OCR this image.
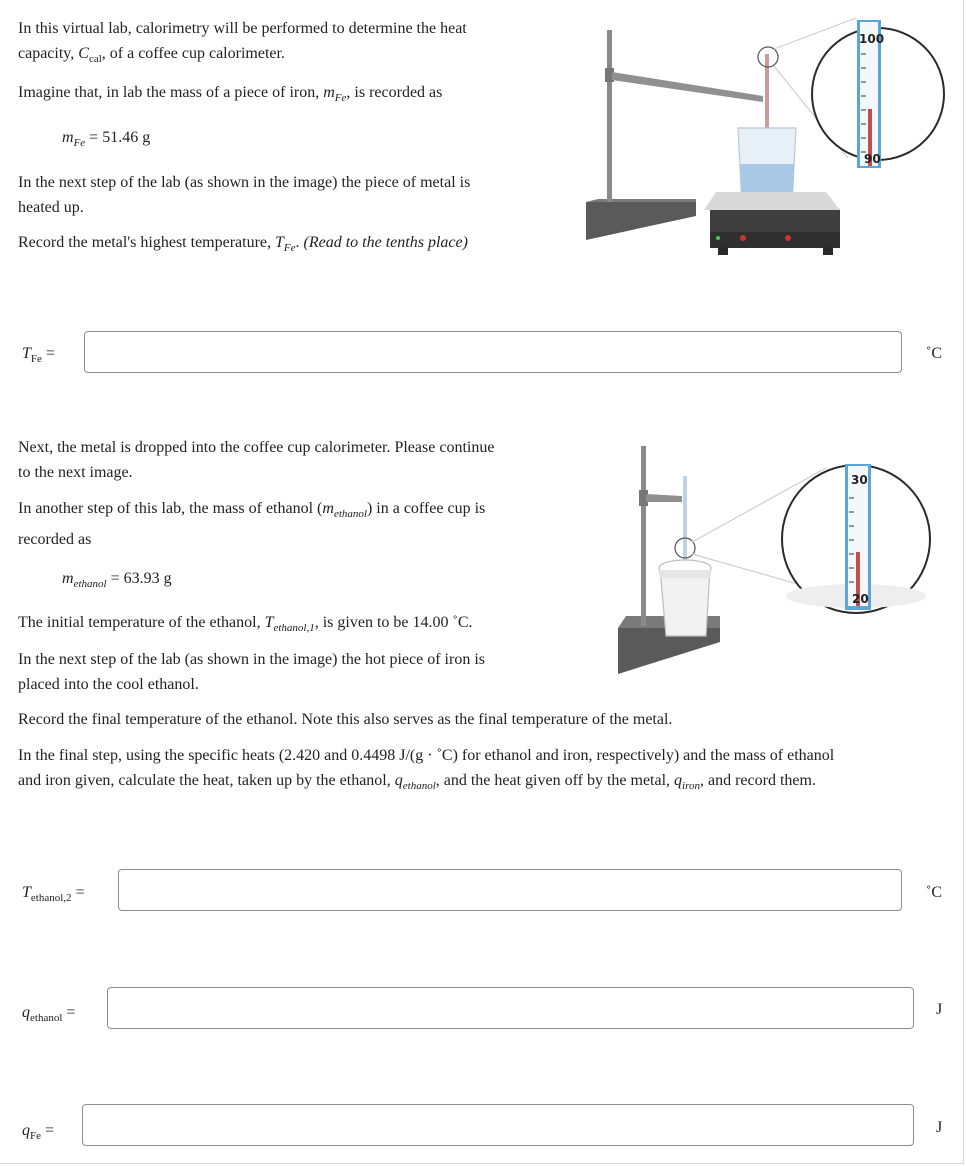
In this virtual lab, calorimetry will be performed to determine the heat
capacity, $C_{cal}$, of a coffee cup calorimeter.

Imagine that, in lab the mass of a piece of iron, $m_{Fe}$, is recorded as

$m_{Fe} = 51.46$ g

In the next step of the lab (as shown in the image) the piece of metal is
heated up.

Record the metal's highest temperature, $T_{Fe}$. (Read to the tenths place)

100
90
$T_{Fe}$ =	˚C

Next, the metal is dropped into the coffee cup calorimeter. Please continue
to the next image.

In another step of this lab, the mass of ethanol $(m_{ethanol})$ in a coffee cup is
recorded as

$m_{ethanol} = 63.93$ g

The initial temperature of the ethanol, $T_{ethanol,1}$, is given to be 14.00 ˚C.

In the next step of the lab (as shown in the image) the hot piece of iron is
placed into the cool ethanol.

Record the final temperature of the ethanol. Note this also serves as the final temperature of the metal.

In the final step, using the specific heats (2.420 and 0.4498 J/(g · ˚C) for ethanol and iron, respectively) and the mass of ethanol
and iron given, calculate the heat, taken up by the ethanol, $q_{ethanol}$, and the heat given off by the metal, $q_{iron}$, and record them.

30
20
$T_{ethanol,2}$ =	˚C
$q_{ethanol}$ =	J
$q_{Fe}$ =	J
